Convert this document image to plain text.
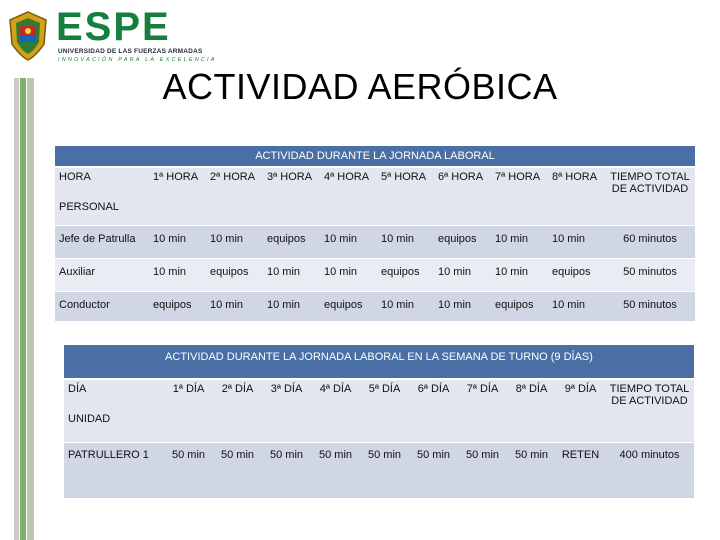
ESPE
UNIVERSIDAD DE LAS FUERZAS ARMADAS
INNOVACIÓN PARA LA EXCELENCIA
ACTIVIDAD AERÓBICA
ACTIVIDAD DURANTE LA JORNADA LABORAL									

HORA
PERSONAL	1ª HORA	2ª HORA	3ª HORA	4ª HORA	5ª HORA	6ª HORA	7ª HORA	8ª HORA	TIEMPO TOTAL DE ACTIVIDAD
Jefe de Patrulla	10 min	10 min	equipos	10 min	10 min	equipos	10 min	10 min	60 minutos
Auxiliar	10 min	equipos	10 min	10 min	equipos	10 min	10 min	equipos	50 minutos
Conductor	equipos	10 min	10 min	equipos	10 min	10 min	equipos	10 min	50 minutos
ACTIVIDAD DURANTE LA JORNADA LABORAL EN LA SEMANA DE TURNO (9 DÍAS)										

DÍA
UNIDAD	1ª DÍA	2ª DÍA	3ª DÍA	4ª DÍA	5ª DÍA	6ª DÍA	7ª DÍA	8ª DÍA	9ª DÍA	TIEMPO TOTAL DE ACTIVIDAD
PATRULLERO 1	50 min	50 min	50 min	50 min	50 min	50 min	50 min	50 min	RETEN	400 minutos
